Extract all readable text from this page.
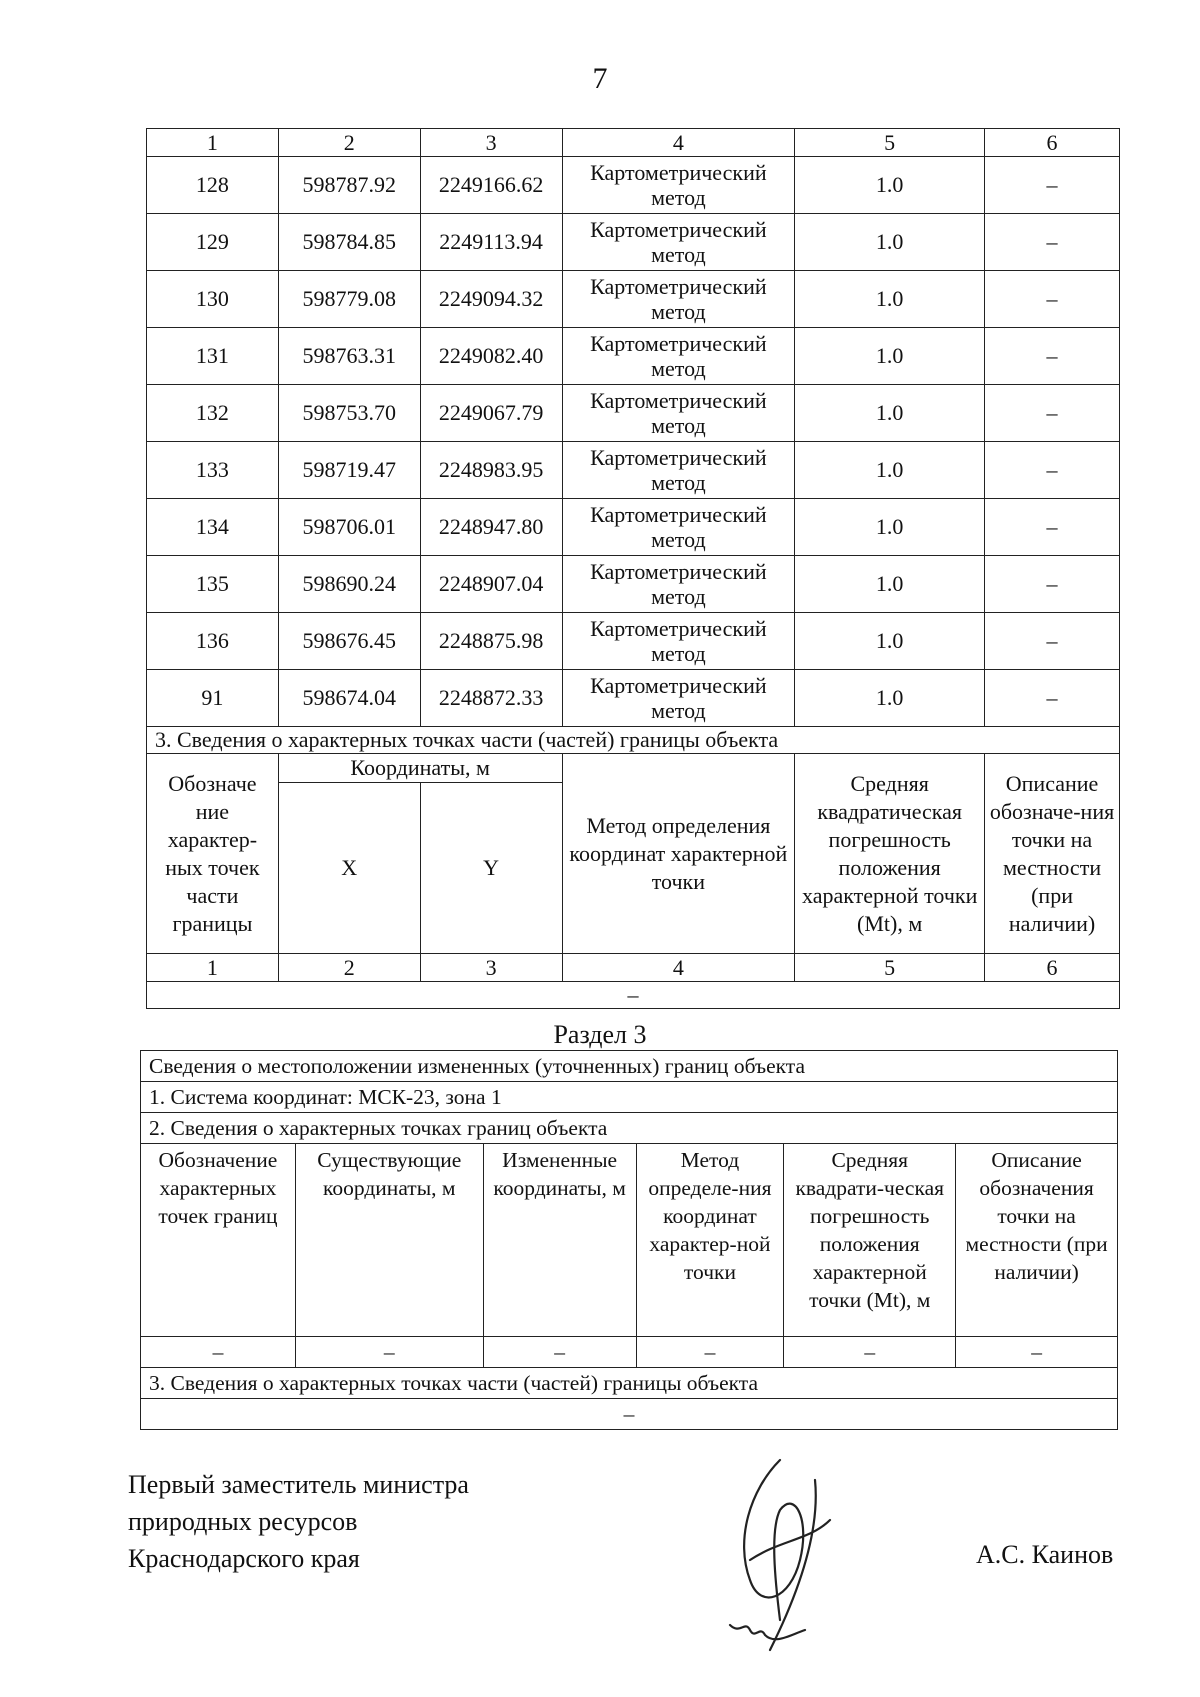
7
1	2	3	4	5	6
128	598787.92	2249166.62	Картометрический метод	1.0	–
129	598784.85	2249113.94	Картометрический метод	1.0	–
130	598779.08	2249094.32	Картометрический метод	1.0	–
131	598763.31	2249082.40	Картометрический метод	1.0	–
132	598753.70	2249067.79	Картометрический метод	1.0	–
133	598719.47	2248983.95	Картометрический метод	1.0	–
134	598706.01	2248947.80	Картометрический метод	1.0	–
135	598690.24	2248907.04	Картометрический метод	1.0	–
136	598676.45	2248875.98	Картометрический метод	1.0	–
91	598674.04	2248872.33	Картометрический метод	1.0	–
3. Сведения о характерных точках части (частей) границы объекта					
Обозначе ние характер-ных точек части границы	Координаты, м		Метод определения координат характерной точки	Средняя квадратическая погрешность положения характерной точки (Mt), м	Описание обозначе-ния точки на местности (при наличии)
	X	Y			
1	2	3	4	5	6
–					
Раздел 3
Сведения о местоположении измененных (уточненных) границ объекта					
1. Система координат: МСК-23, зона 1					
2. Сведения о характерных точках границ объекта					
Обозначение характерных точек границ	Существующие координаты, м	Измененные координаты, м	Метод определе-ния координат характер-ной точки	Средняя квадрати-ческая погрешность положения характерной точки (Mt), м	Описание обозначения точки на местности (при наличии)
–	–	–	–	–	–
3. Сведения о характерных точках части (частей) границы объекта					
–					
Первый заместитель министра
природных ресурсов
Краснодарского края	А.С. Каинов
